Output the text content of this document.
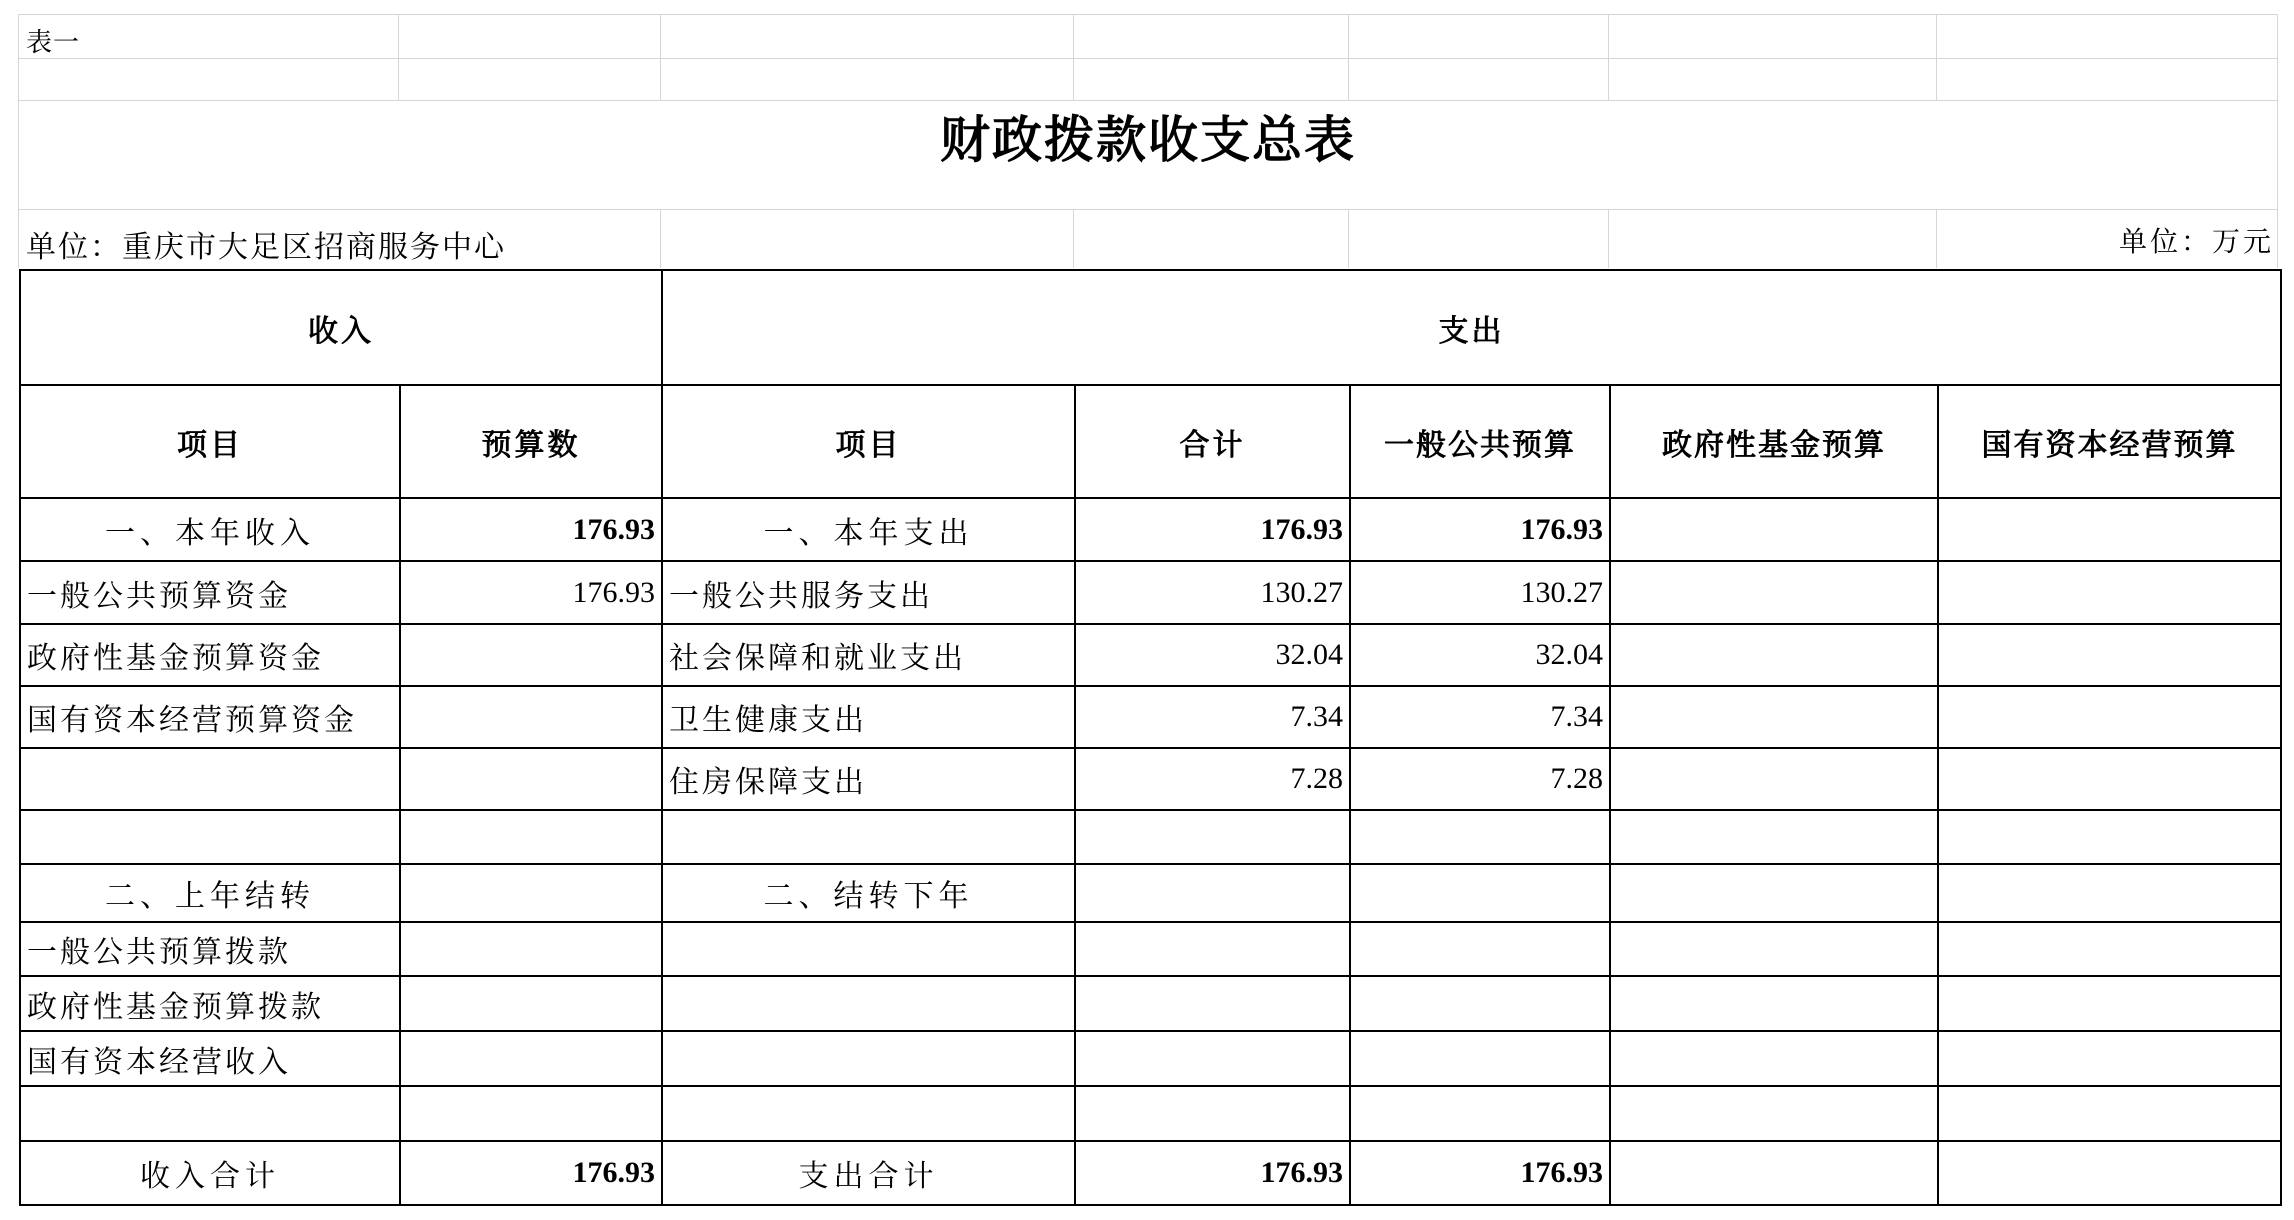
表一
财政拨款收支总表
单位：重庆市大足区招商服务中心	单位：万元
收入		支出				
项目	预算数	项目	合计	一般公共预算	政府性基金预算	国有资本经营预算
一、本年收入	176.93	一、本年支出	176.93	176.93		
一般公共预算资金	176.93	一般公共服务支出	130.27	130.27		
政府性基金预算资金		社会保障和就业支出	32.04	32.04		
国有资本经营预算资金		卫生健康支出	7.34	7.34		
		住房保障支出	7.28	7.28		

二、上年结转		二、结转下年				
一般公共预算拨款						
政府性基金预算拨款						
国有资本经营收入						

收入合计	176.93	支出合计	176.93	176.93		
